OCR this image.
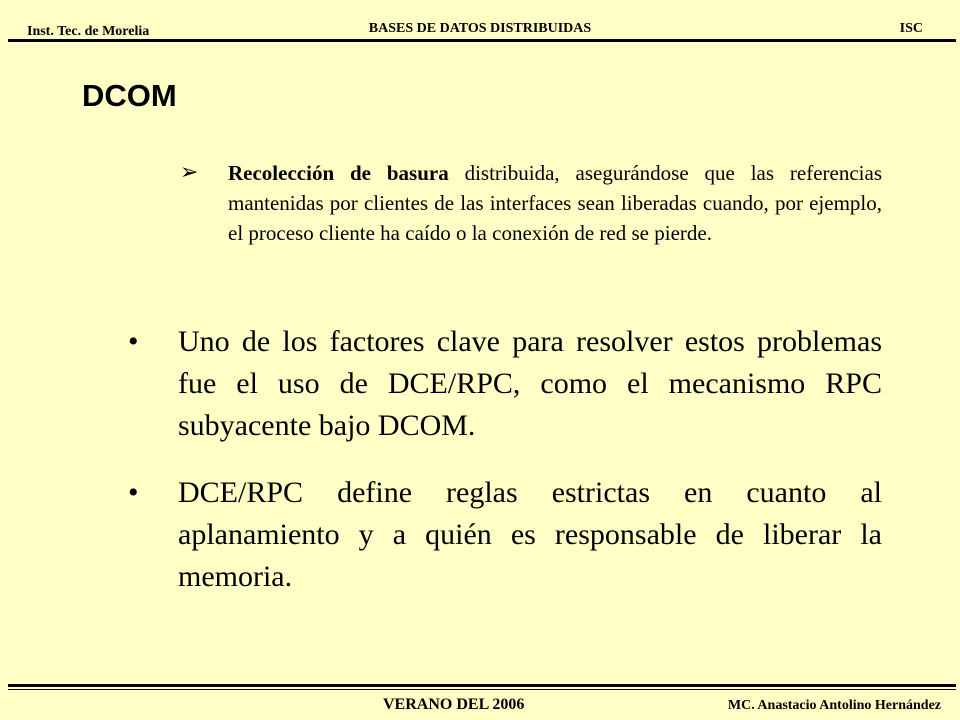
Inst. Tec. de Morelia	BASES DE DATOS DISTRIBUIDAS	ISC
DCOM
➢ Recolección de basura distribuida, asegurándose que las referencias mantenidas por clientes de las interfaces sean liberadas cuando, por ejemplo, el proceso cliente ha caído o la conexión de red se pierde.
• Uno de los factores clave para resolver estos problemas fue el uso de DCE/RPC, como el mecanismo RPC subyacente bajo DCOM.
• DCE/RPC define reglas estrictas en cuanto al aplanamiento y a quién es responsable de liberar la memoria.
VERANO DEL 2006	MC. Anastacio Antolino Hernández
